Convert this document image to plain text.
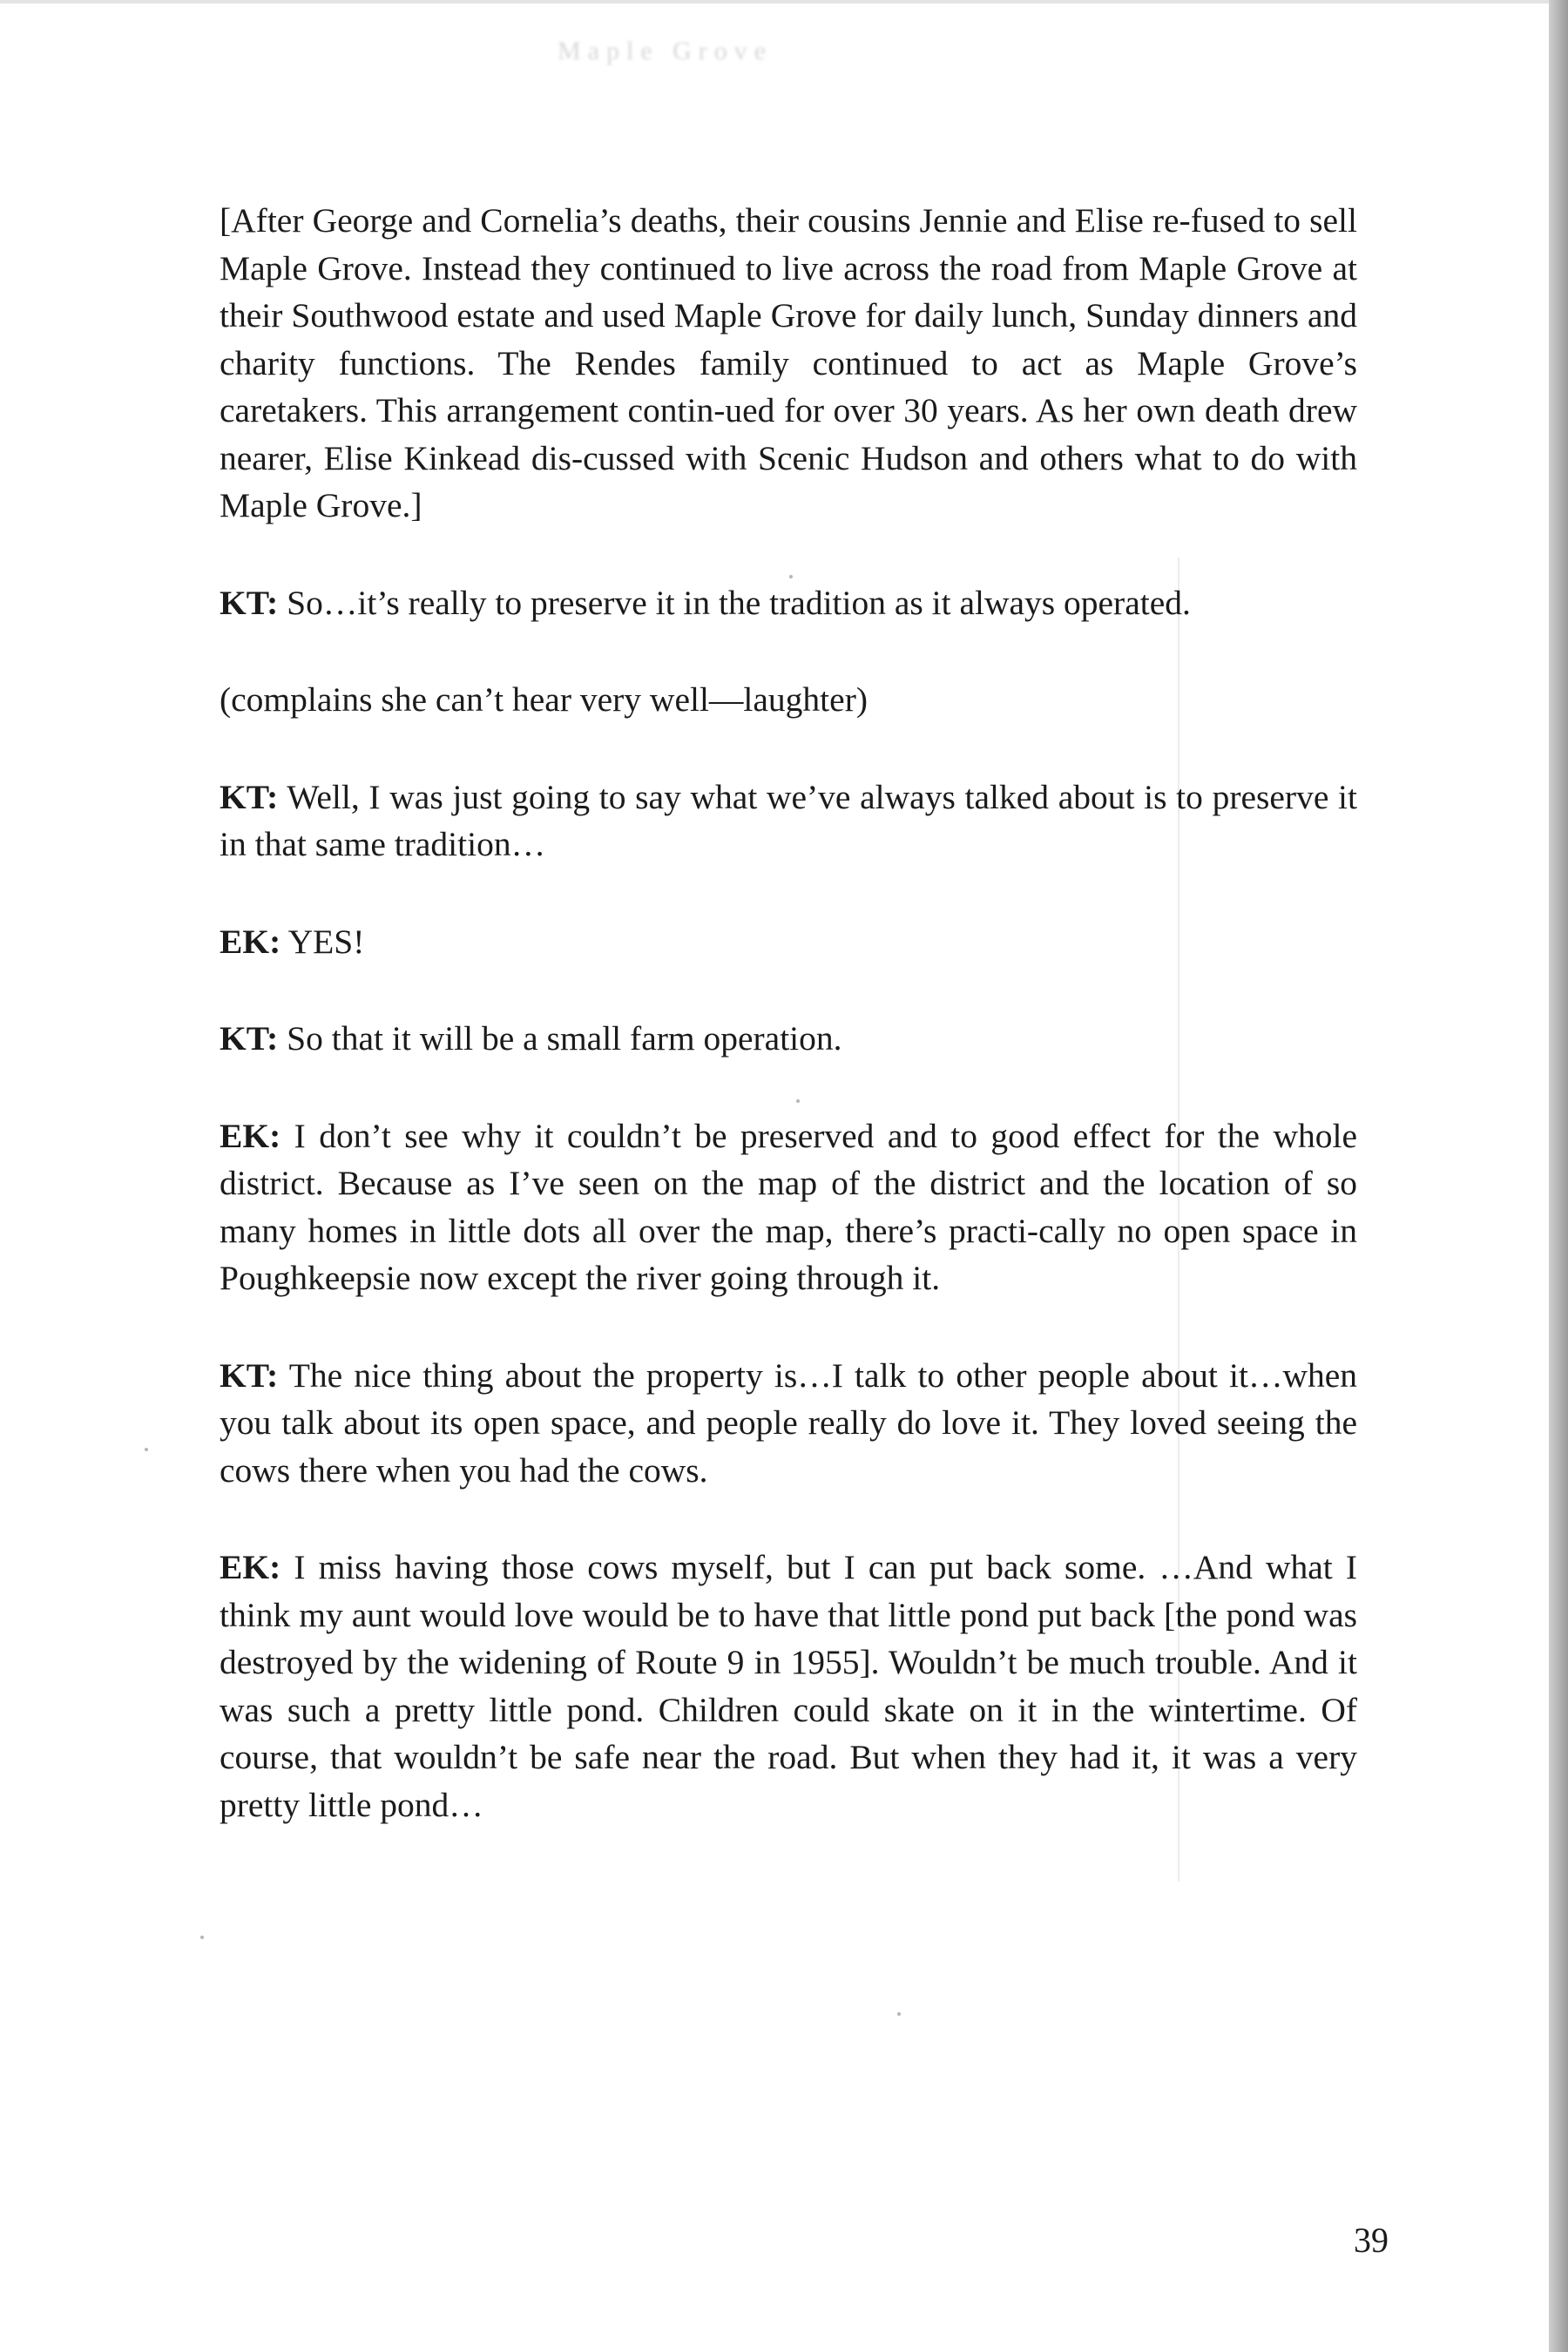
Maple Grove

[After George and Cornelia’s deaths, their cousins Jennie and Elise re-fused to sell Maple Grove. Instead they continued to live across the road from Maple Grove at their Southwood estate and used Maple Grove for daily lunch, Sunday dinners and charity functions. The Rendes family continued to act as Maple Grove’s caretakers. This arrangement contin-ued for over 30 years. As her own death drew nearer, Elise Kinkead dis-cussed with Scenic Hudson and others what to do with Maple Grove.]

KT: So…it’s really to preserve it in the tradition as it always operated.

(complains she can’t hear very well—laughter)

KT: Well, I was just going to say what we’ve always talked about is to preserve it in that same tradition…

EK: YES!

KT: So that it will be a small farm operation.

EK: I don’t see why it couldn’t be preserved and to good effect for the whole district. Because as I’ve seen on the map of the district and the location of so many homes in little dots all over the map, there’s practi-cally no open space in Poughkeepsie now except the river going through it.

KT: The nice thing about the property is…I talk to other people about it…when you talk about its open space, and people really do love it. They loved seeing the cows there when you had the cows.

EK: I miss having those cows myself, but I can put back some. …And what I think my aunt would love would be to have that little pond put back [the pond was destroyed by the widening of Route 9 in 1955]. Wouldn’t be much trouble. And it was such a pretty little pond. Children could skate on it in the wintertime. Of course, that wouldn’t be safe near the road. But when they had it, it was a very pretty little pond…

39
